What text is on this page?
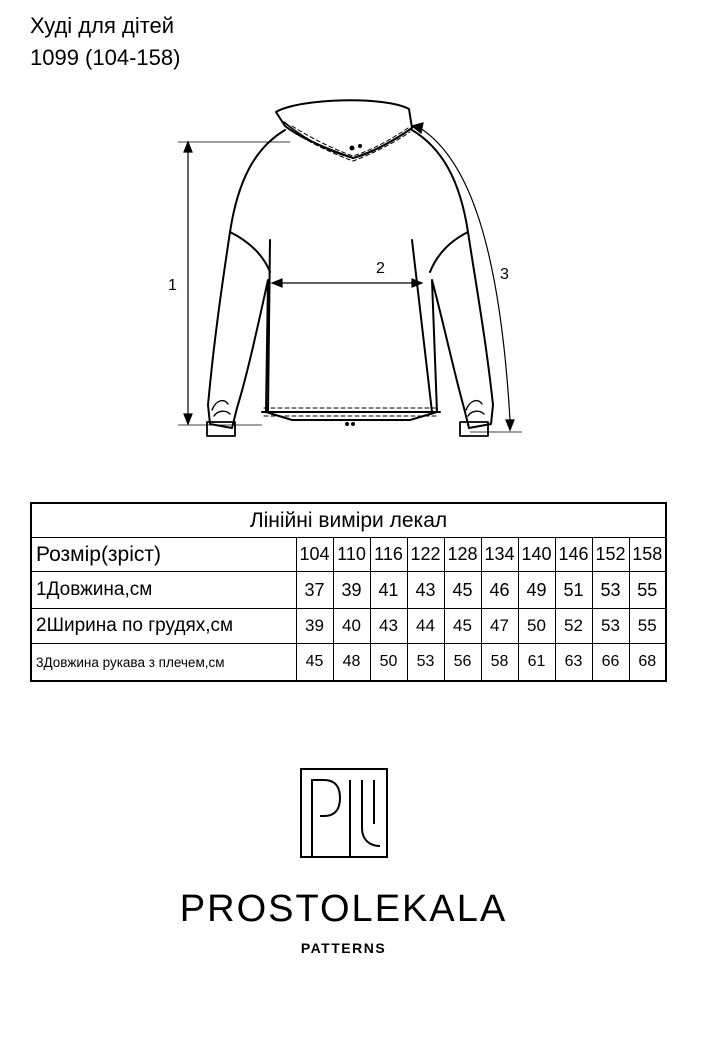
Худі для дітей
1099 (104-158)
1
2	3
Лінійні виміри лекал										
Розмір(зріст)	104	110	116	122	128	134	140	146	152	158
1Довжина,см	37	39	41	43	45	46	49	51	53	55
2Ширина по грудях,см	39	40	43	44	45	47	50	52	53	55
3Довжина рукава з плечем,см	45	48	50	53	56	58	61	63	66	68
PROSTOLEKALA
PATTERNS
